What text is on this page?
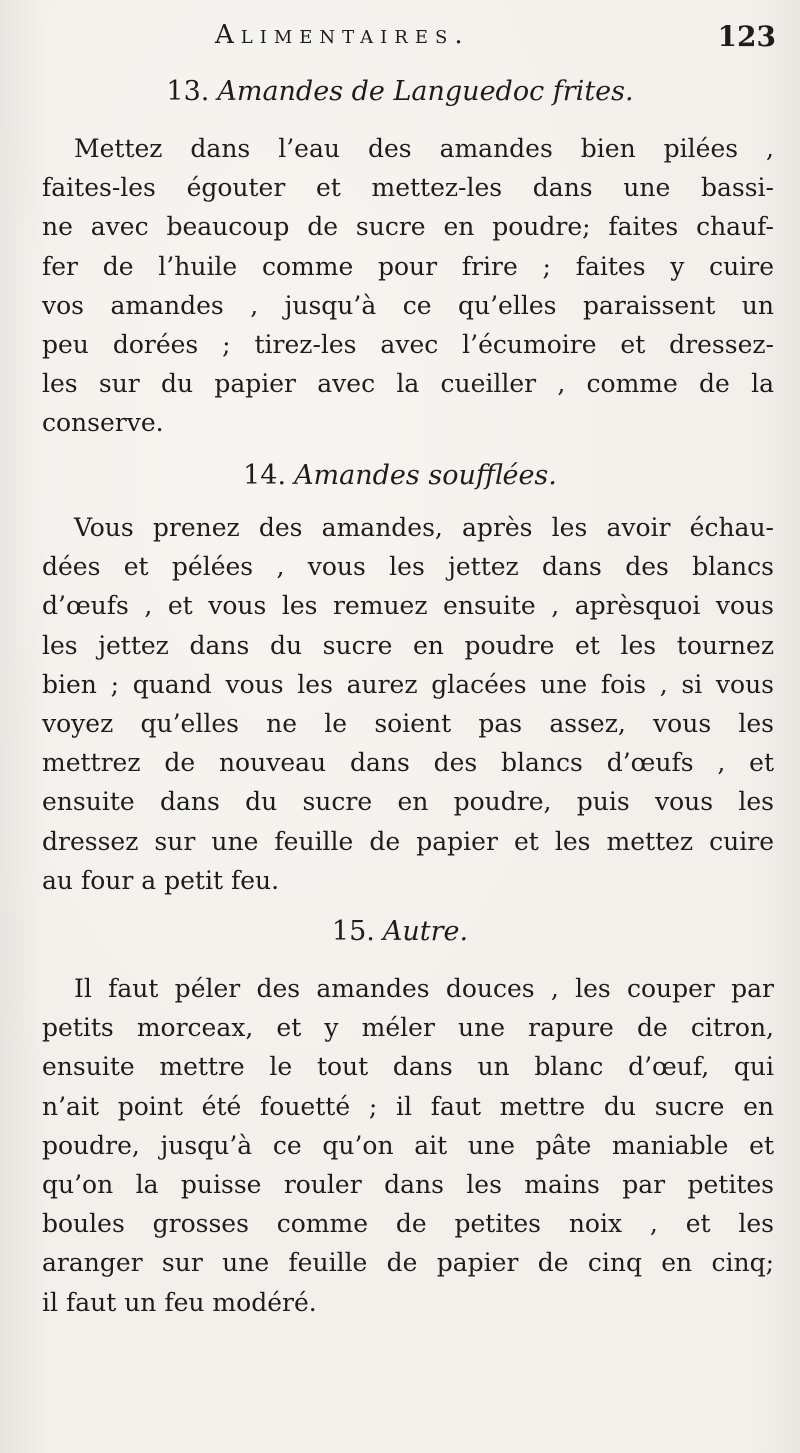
Alimentaires.	123
13. Amandes de Languedoc frites.
Mettez dans l’eau des amandes bien pilées ,
faites-les égouter et mettez-les dans une bassi-
ne avec beaucoup de sucre en poudre; faites chauf-
fer de l’huile comme pour frire ; faites y cuire
vos amandes , jusqu’à ce qu’elles paraissent un
peu dorées ; tirez-les avec l’écumoire et dressez-
les sur du papier avec la cueiller , comme de la
conserve.
14. Amandes soufflées.
Vous prenez des amandes, après les avoir échau-
dées et pélées , vous les jettez dans des blancs
d’œufs , et vous les remuez ensuite , aprèsquoi vous
les jettez dans du sucre en poudre et les tournez
bien ; quand vous les aurez glacées une fois , si vous
voyez qu’elles ne le soient pas assez, vous les
mettrez de nouveau dans des blancs d’œufs , et
ensuite dans du sucre en poudre, puis vous les
dressez sur une feuille de papier et les mettez cuire
au four a petit feu.
15. Autre.
Il faut péler des amandes douces , les couper par
petits morceax, et y méler une rapure de citron,
ensuite mettre le tout dans un blanc d’œuf, qui
n’ait point été fouetté ; il faut mettre du sucre en
poudre, jusqu’à ce qu’on ait une pâte maniable et
qu’on la puisse rouler dans les mains par petites
boules grosses comme de petites noix , et les
aranger sur une feuille de papier de cinq en cinq;
il faut un feu modéré.
